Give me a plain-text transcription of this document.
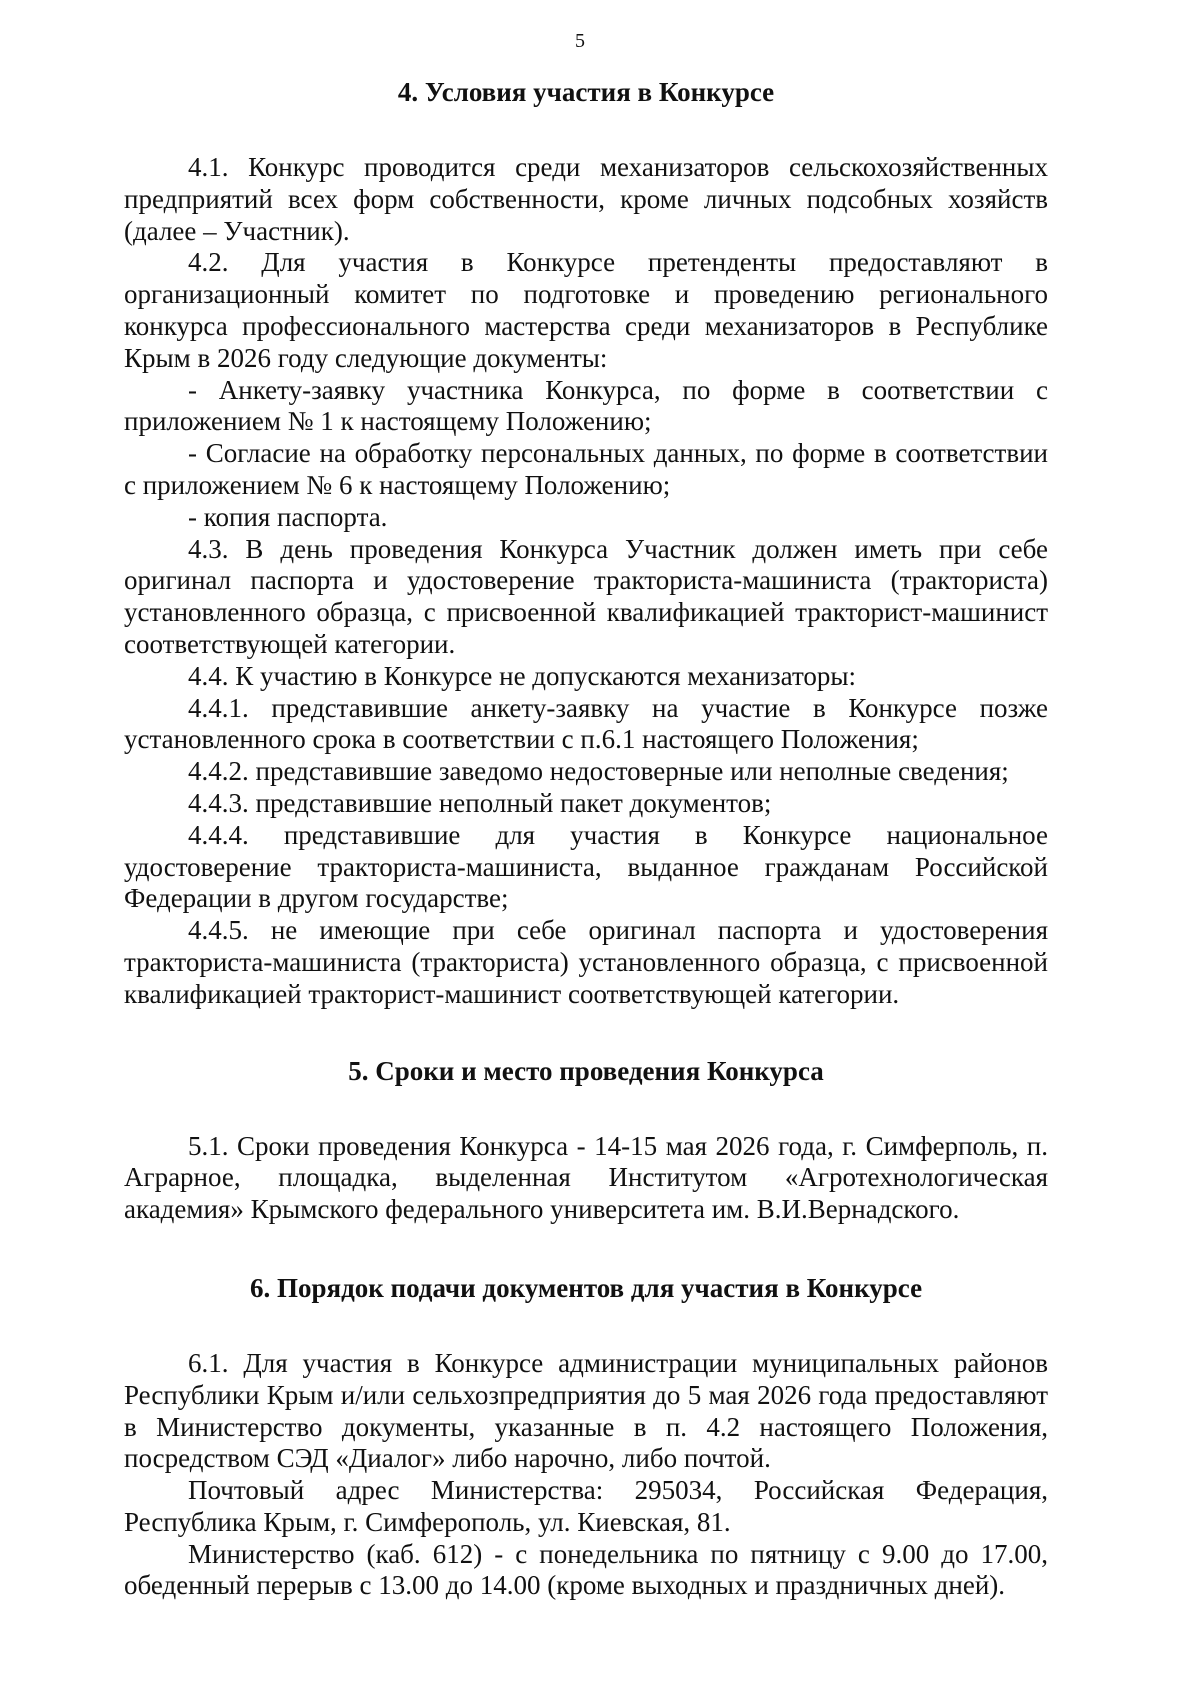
5
4. Условия участия в Конкурсе

4.1. Конкурс проводится среди механизаторов сельскохозяйственных предприятий всех форм собственности, кроме личных подсобных хозяйств (далее – Участник).

4.2. Для участия в Конкурсе претенденты предоставляют в организационный комитет по подготовке и проведению регионального конкурса профессионального мастерства среди механизаторов в Республике Крым в 2026 году следующие документы:

- Анкету-заявку участника Конкурса, по форме в соответствии с приложением № 1 к настоящему Положению;

- Согласие на обработку персональных данных, по форме в соответствии с приложением № 6 к настоящему Положению;

- копия паспорта.

4.3. В день проведения Конкурса Участник должен иметь при себе оригинал паспорта и удостоверение тракториста-машиниста (тракториста) установленного образца, с присвоенной квалификацией тракторист-машинист соответствующей категории.

4.4. К участию в Конкурсе не допускаются механизаторы:

4.4.1. представившие анкету-заявку на участие в Конкурсе позже установленного срока в соответствии с п.6.1 настоящего Положения;

4.4.2. представившие заведомо недостоверные или неполные сведения;

4.4.3. представившие неполный пакет документов;

4.4.4. представившие для участия в Конкурсе национальное удостоверение тракториста-машиниста, выданное гражданам Российской Федерации в другом государстве;

4.4.5. не имеющие при себе оригинал паспорта и удостоверения тракториста-машиниста (тракториста) установленного образца, с присвоенной квалификацией тракторист-машинист соответствующей категории.

5. Сроки и место проведения Конкурса

5.1. Сроки проведения Конкурса - 14-15 мая 2026 года, г. Симферполь, п. Аграрное, площадка, выделенная Институтом «Агротехнологическая академия» Крымского федерального университета им. В.И.Вернадского.

6. Порядок подачи документов для участия в Конкурсе

6.1. Для участия в Конкурсе администрации муниципальных районов Республики Крым и/или сельхозпредприятия до 5 мая 2026 года предоставляют в Министерство документы, указанные в п. 4.2 настоящего Положения, посредством СЭД «Диалог» либо нарочно, либо почтой.

Почтовый адрес Министерства: 295034, Российская Федерация, Республика Крым, г. Симферополь, ул. Киевская, 81.

Министерство (каб. 612) - с понедельника по пятницу с 9.00 до 17.00, обеденный перерыв с 13.00 до 14.00 (кроме выходных и праздничных дней).
